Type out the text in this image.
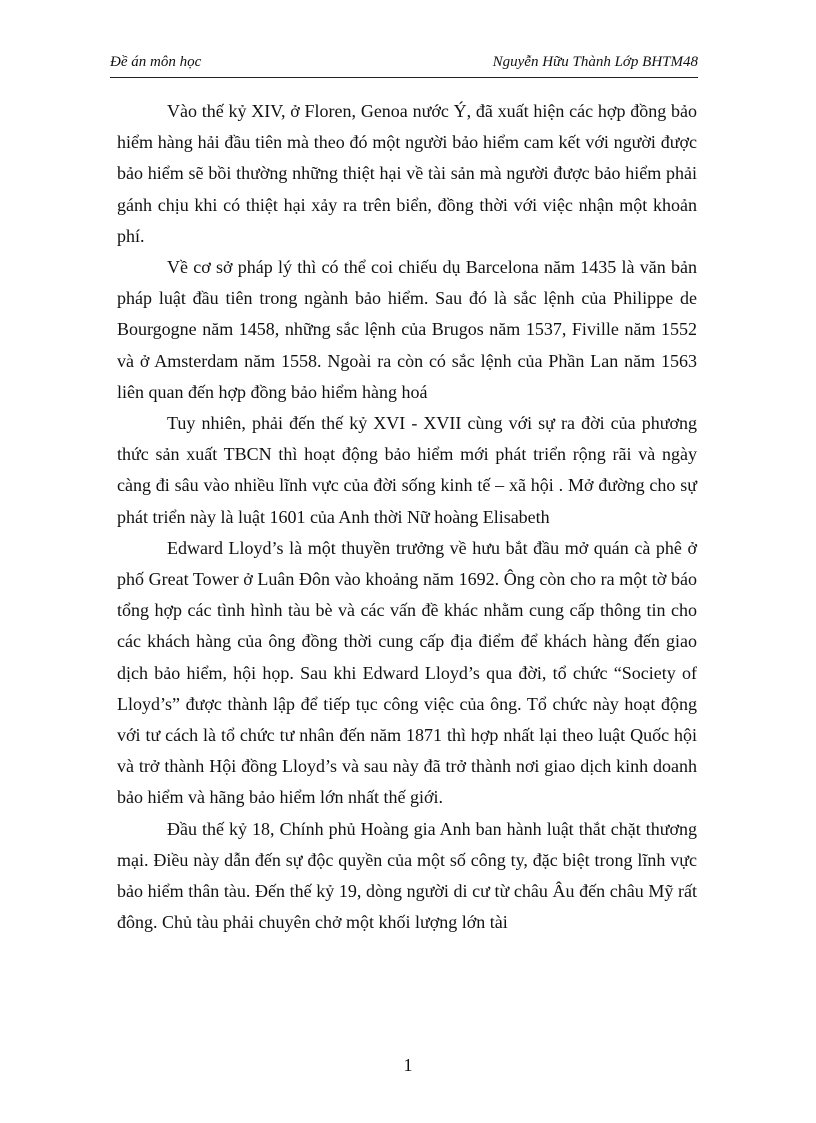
Đề án môn học	Nguyễn Hữu Thành Lớp BHTM48

Vào thế kỷ XIV, ở Floren, Genoa nước Ý, đã xuất hiện các hợp đồng bảo hiểm hàng hải đầu tiên mà theo đó một người bảo hiểm cam kết với người được bảo hiểm sẽ bồi thường những thiệt hại về tài sản mà người được bảo hiểm phải gánh chịu khi có thiệt hại xảy ra trên biển, đồng thời với việc nhận một khoản phí.

Về cơ sở pháp lý thì có thể coi chiếu dụ Barcelona năm 1435 là văn bản pháp luật đầu tiên trong ngành bảo hiểm. Sau đó là sắc lệnh của Philippe de Bourgogne năm 1458, những sắc lệnh của Brugos năm 1537, Fiville năm 1552 và ở Amsterdam năm 1558. Ngoài ra còn có sắc lệnh của Phần Lan năm 1563 liên quan đến hợp đồng bảo hiểm hàng hoá

Tuy nhiên, phải đến thế kỷ XVI - XVII cùng với sự ra đời của phương thức sản xuất TBCN thì hoạt động bảo hiểm mới phát triển rộng rãi và ngày càng đi sâu vào nhiều lĩnh vực của đời sống kinh tế – xã hội . Mở đường cho sự phát triển này là luật 1601 của Anh thời Nữ hoàng Elisabeth

Edward Lloyd’s là một thuyền trưởng về hưu bắt đầu mở quán cà phê ở phố Great Tower ở Luân Đôn vào khoảng năm 1692. Ông còn cho ra một tờ báo tổng hợp các tình hình tàu bè và các vấn đề khác nhằm cung cấp thông tin cho các khách hàng của ông đồng thời cung cấp địa điểm để khách hàng đến giao dịch bảo hiểm, hội họp. Sau khi Edward Lloyd’s qua đời, tổ chức “Society of Lloyd’s” được thành lập để tiếp tục công việc của ông. Tổ chức này hoạt động với tư cách là tổ chức tư nhân đến năm 1871 thì hợp nhất lại theo luật Quốc hội và trở thành Hội đồng Lloyd’s và sau này đã trở thành nơi giao dịch kinh doanh bảo hiểm và hãng bảo hiểm lớn nhất thế giới.

Đầu thế kỷ 18, Chính phủ Hoàng gia Anh ban hành luật thắt chặt thương mại. Điều này dẫn đến sự độc quyền của một số công ty, đặc biệt trong lĩnh vực bảo hiểm thân tàu. Đến thế kỷ 19, dòng người di cư từ châu Âu đến châu Mỹ rất đông. Chủ tàu phải chuyên chở một khối lượng lớn tài

1
